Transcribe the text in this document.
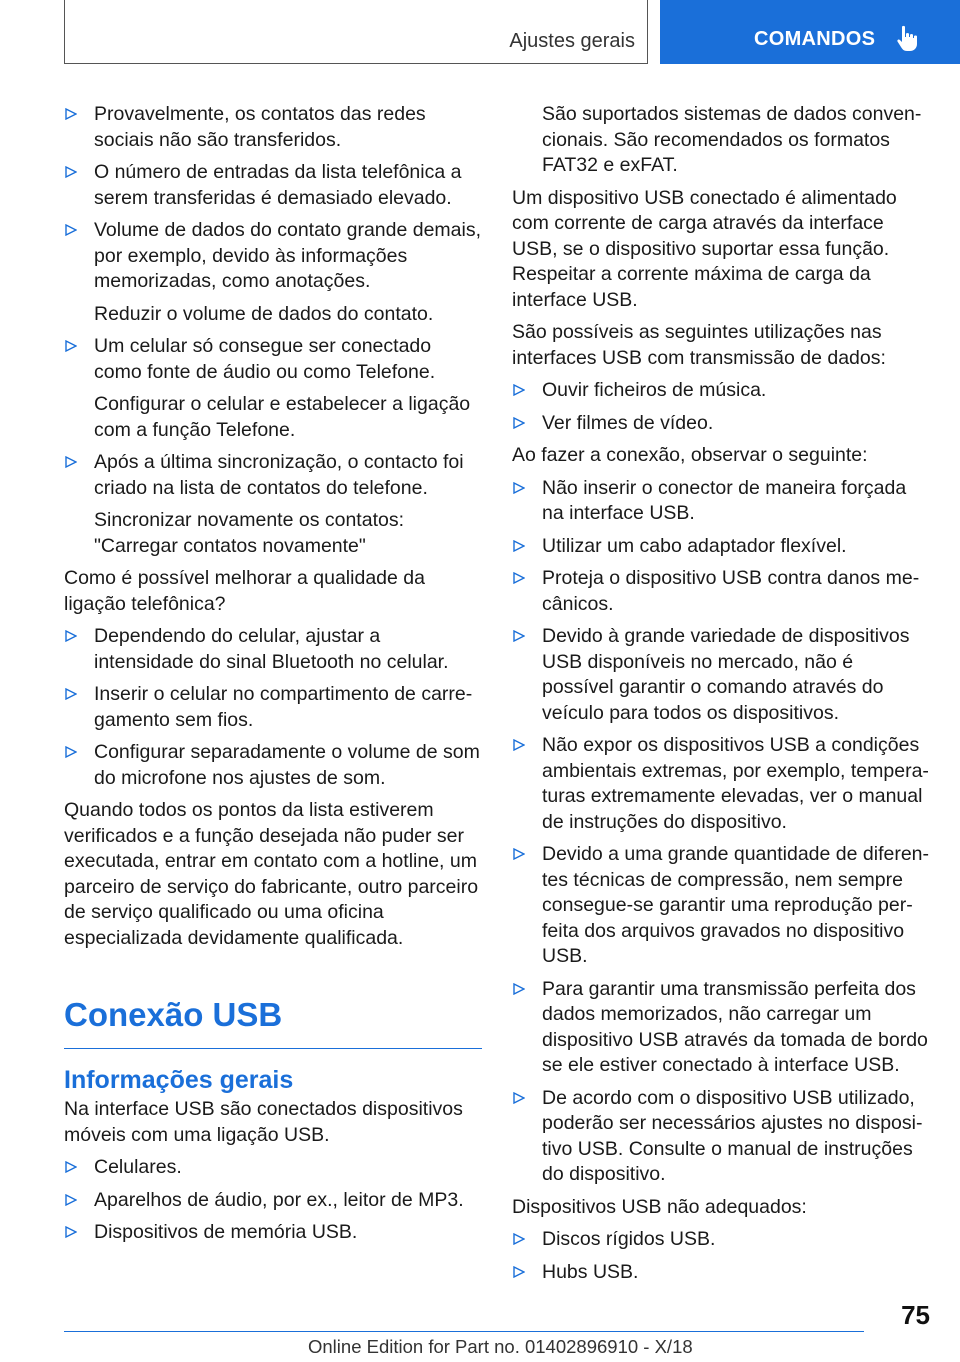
Ajustes gerais	COMANDOS
Provavelmente, os contatos das redes sociais não são transferidos.
O número de entradas da lista telefônica a serem transferidas é demasiado elevado.
Volume de dados do contato grande demais, por exemplo, devido às informações memorizadas, como anotações.
Reduzir o volume de dados do contato.
Um celular só consegue ser conectado como fonte de áudio ou como Telefone.
Configurar o celular e estabelecer a ligação com a função Telefone.
Após a última sincronização, o contacto foi criado na lista de contatos do telefone.
Sincronizar novamente os contatos:
"Carregar contatos novamente"
Como é possível melhorar a qualidade da ligação telefônica?
Dependendo do celular, ajustar a intensidade do sinal Bluetooth no celular.
Inserir o celular no compartimento de carregamento sem fios.
Configurar separadamente o volume de som do microfone nos ajustes de som.
Quando todos os pontos da lista estiverem verificados e a função desejada não puder ser executada, entrar em contato com a hotline, um parceiro de serviço do fabricante, outro parceiro de serviço qualificado ou uma oficina especializada devidamente qualificada.
Conexão USB
Informações gerais
Na interface USB são conectados dispositivos móveis com uma ligação USB.
Celulares.
Aparelhos de áudio, por ex., leitor de MP3.
Dispositivos de memória USB.
São suportados sistemas de dados convencionais. São recomendados os formatos FAT32 e exFAT.
Um dispositivo USB conectado é alimentado com corrente de carga através da interface USB, se o dispositivo suportar essa função. Respeitar a corrente máxima de carga da interface USB.
São possíveis as seguintes utilizações nas interfaces USB com transmissão de dados:
Ouvir ficheiros de música.
Ver filmes de vídeo.
Ao fazer a conexão, observar o seguinte:
Não inserir o conector de maneira forçada na interface USB.
Utilizar um cabo adaptador flexível.
Proteja o dispositivo USB contra danos mecânicos.
Devido à grande variedade de dispositivos USB disponíveis no mercado, não é possível garantir o comando através do veículo para todos os dispositivos.
Não expor os dispositivos USB a condições ambientais extremas, por exemplo, temperaturas extremamente elevadas, ver o manual de instruções do dispositivo.
Devido a uma grande quantidade de diferentes técnicas de compressão, nem sempre consegue-se garantir uma reprodução perfeita dos arquivos gravados no dispositivo USB.
Para garantir uma transmissão perfeita dos dados memorizados, não carregar um dispositivo USB através da tomada de bordo se ele estiver conectado à interface USB.
De acordo com o dispositivo USB utilizado, poderão ser necessários ajustes no dispositivo USB. Consulte o manual de instruções do dispositivo.
Dispositivos USB não adequados:
Discos rígidos USB.
Hubs USB.
75
Online Edition for Part no. 01402896910 - X/18
